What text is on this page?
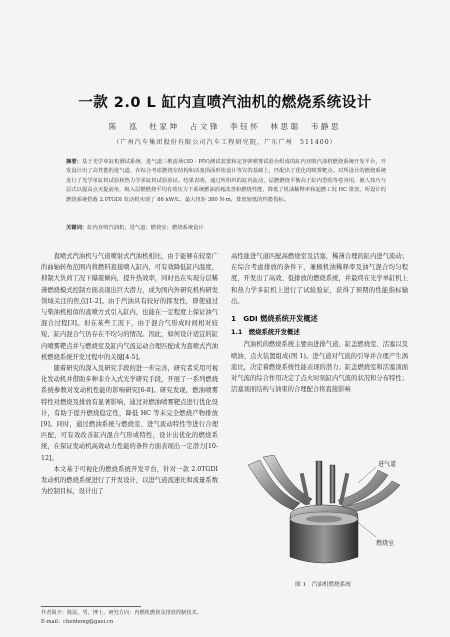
一款 2.0 L 缸内直喷汽油机的燃烧系统设计
陈　泓　杜家坤　占文锋　李钰怀　林思聪　韦静思
（广州汽车集团股份有限公司汽车工程研究院，广东广州　511400）
摘要：基于光学单缸机测试系统、进气道三维流场(3D - PIV)测试装置和定容弹喷雾试验台组成的缸内直喷汽油机燃烧系统开发平台，开发设计出了高性能的进气道，在综合考虑燃烧室结构和活塞顶面形状设计等宣的基础上，匹配出了优化的喷雾靶点。对所设计的燃烧系统进行了光学单缸机试验和热力学多缸机试验验证。结果表明，通过所组织的缸内流动，层燃燃烧平衡高于缸内型的等卷容用，被人技巧与层式以提高点火提前角，吸入层燃燃烧平均有效压力下系统燃油消耗改善和燃烧性能，降低了机油稀释率和起燃工况 HC 排放。所设计的燃烧系统搭载 2.0TGDI 发动机实现了 86 kW/L，最大扭矩 380 N·m，排放较低的性能指标。
关键词：缸内直喷汽油机；进气道；燃烧室；燃烧系统设计

直喷式汽油机与气道喷射式汽油机相比，由于能够在较宽广的曲轴转角范围内将燃料直接喷入缸内，可有效降低缸内温度，抑制大负荷工况下爆震倾向，提升热效率，同时也在实现分层稀薄燃烧模式控制方面表现出巨大潜力，成为国内外研究机构研发领域关注的焦点[1-2]。由于汽油具有较好的挥发性，即使通过与柴油机相似的直喷方式引入缸内，也能在一定程度上保证油气混合过程[3]。但在某些工况下，由于混合气形成时间相对较短，缸内混合气仍存在不均匀的情况。因此，如何设计适宜的缸内喷雾靶点并与燃烧室及缸内气流运动合理匹配成为直喷式汽油机燃烧系统开发过程中的关键[4-5]。

随着研究的深入及研究手段的进一步完善，研究者采用可视化发动机并借助多种非介入式光学研究手段，开展了一系列燃烧系统参数对发动机性能的影响研究[6-8]。研究发现，燃油喷雾特性对燃烧及排放有显著影响，通过对燃油喷雾靶点进行优化设计，有助于提升燃烧稳定性，降低 HC 等未完全燃烧产物排放[9]。同时，通过燃油系统与燃烧室、进气流动特性等进行合理匹配，可有效改善缸内混合气形成特性，设计出优化的燃烧系统，在保证发动机高效动力性能的条件方面表现出一定潜力[10-12]。

本文基于可视化的燃烧系统开发平台，针对一款 2.0TGDI 发动机的燃烧系统进行了开发设计，以进气道流速比和流量系数为控制目标，设计出了

高性能进气道匹配高燃烧室及活塞，稀薄合理的缸内进气流动；在综合考虑排放的条件下，兼顾机油稀释率及油气混合均匀程度，开发出了高效、低排放的燃烧系统，并最终在光学单缸机上和热力学多缸机上进行了试验验证，获得了预期的性能指标输出。

1　GDI 燃烧系统开发概述
1.1　燃烧系统开发概述

汽油机的燃烧系统主要由进排气道、缸盖燃烧室、活塞以及喷油、点火装置组成(图 1)。进气道对气流的引导并合理产生涡流比，决定着燃烧系统性能表现的潜力；缸盖燃烧室和活塞顶面对气流的综合作用决定了点火时刻缸内气流的状况和分布特性；活塞顶面结构与油束的合理配合将直接影响

进气道
燃烧室
图 1　汽油机燃烧系统
作者简介：陈泓，男，博士，研究方向：内燃机燃烧及排放控制技术。
E-mail：chenhong@gaei.cn
